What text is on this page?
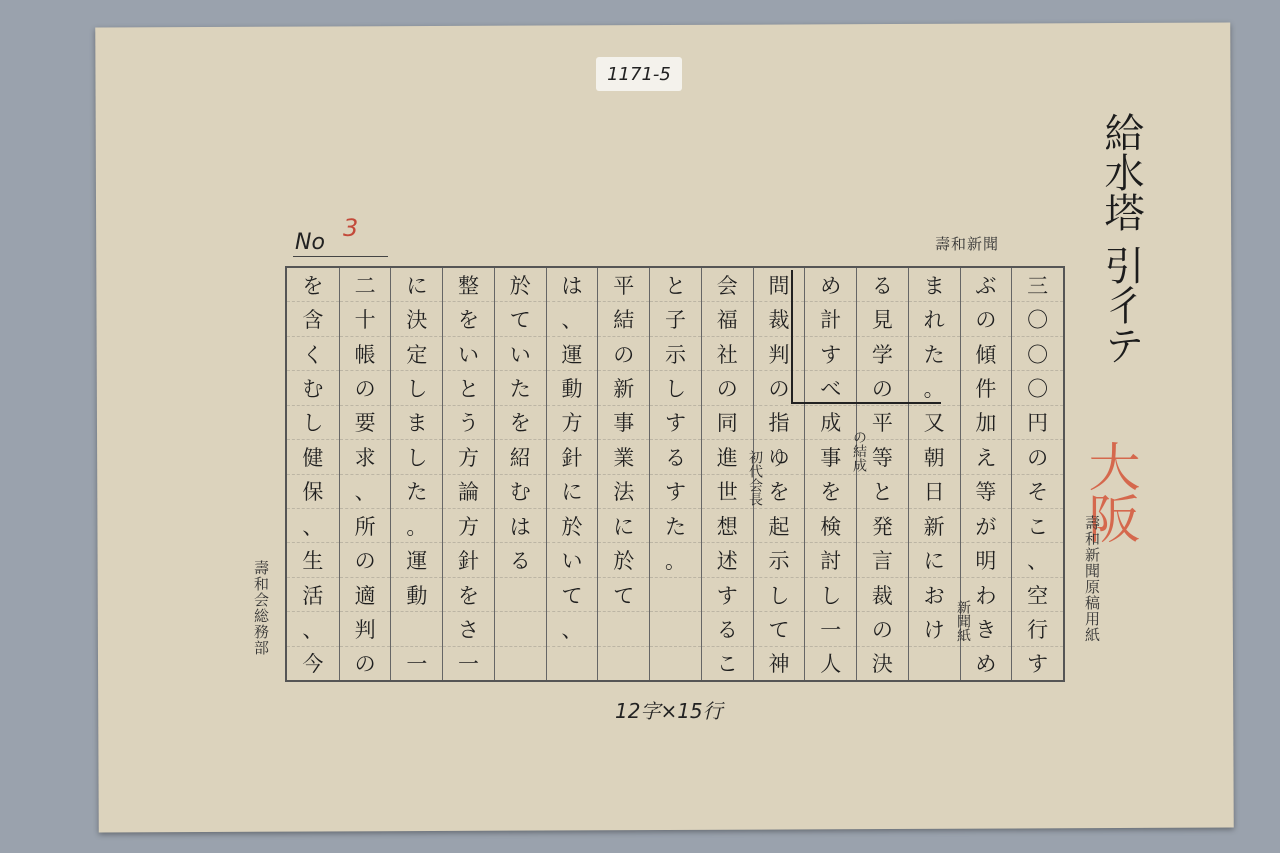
1171-5
No
3
壽和新聞 給水塔 引彳テ
大阪
壽和新聞原稿用紙
壽和会総務部
三
〇
〇
〇
円
の
そ
こ
、
空
行
す
ぶ
の
傾
件
加
え
等
が
明
わ
き
め
ま
れ
た
。
又
朝
日
新
に
お
け
る
見
学
の
平
等
と
発
言
裁
の
決
め
計
す
べ
成
事
を
検
討
し
一
人
問
裁
判
の
指
ゆ
を
起
示
し
て
神
会
福
社
の
同
進
世
想
述
す
る
こ
と
子
示
し
す
る
す
た
。
平
結
の
新
事
業
法
に
於
て
は
、
運
動
方
針
に
於
い
て
、
於
て
い
た
を
紹
む
は
る
整
を
い
と
う
方
論
方
針
を
さ
一
に
決
定
し
ま
し
た
。
運
動
一
二
十
帳
の
要
求
、
所
の
適
判
の
を
含
く
む
し
健
保
、
生
活
、
今
12字×15行
の結成
初代会長
新聞紙
